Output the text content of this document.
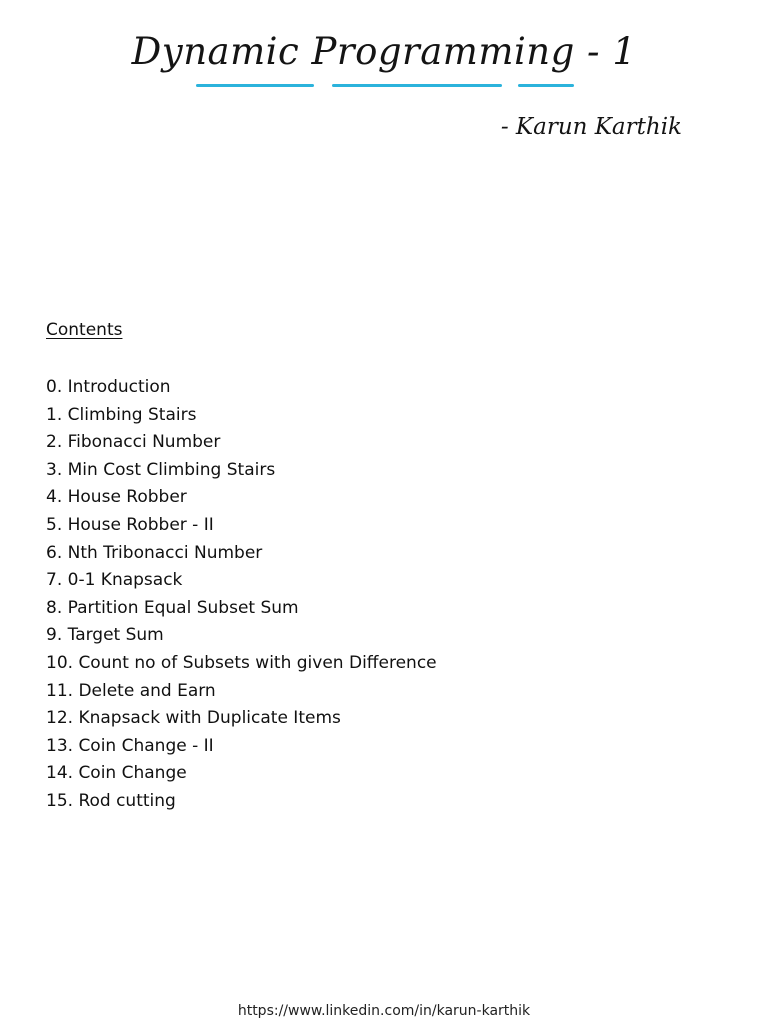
Dynamic Programming - 1
- Karun Karthik
Contents
0. Introduction
1. Climbing Stairs
2. Fibonacci Number
3. Min Cost Climbing Stairs
4. House Robber
5. House Robber - II
6. Nth Tribonacci Number
7. 0-1 Knapsack
8. Partition Equal Subset Sum
9. Target Sum
10. Count no of Subsets with given Difference
11. Delete and Earn
12. Knapsack with Duplicate Items
13. Coin Change - II
14. Coin Change
15. Rod cutting
https://www.linkedin.com/in/karun-karthik
